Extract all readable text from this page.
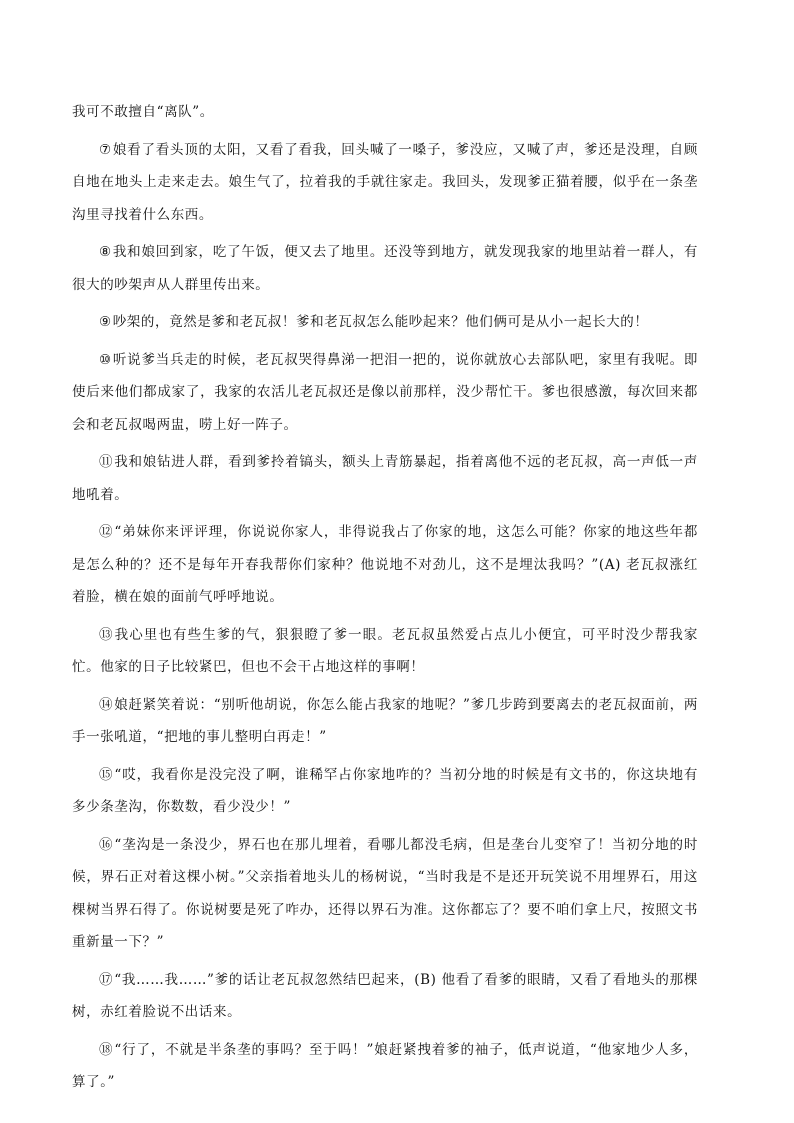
我可不敢擅自“离队”。

⑦娘看了看头顶的太阳，又看了看我，回头喊了一嗓子，爹没应，又喊了声，爹还是没理，自顾自地在地头上走来走去。娘生气了，拉着我的手就往家走。我回头，发现爹正猫着腰，似乎在一条垄沟里寻找着什么东西。

⑧我和娘回到家，吃了午饭，便又去了地里。还没等到地方，就发现我家的地里站着一群人，有很大的吵架声从人群里传出来。

⑨吵架的，竟然是爹和老瓦叔！爹和老瓦叔怎么能吵起来？他们俩可是从小一起长大的！

⑩听说爹当兵走的时候，老瓦叔哭得鼻涕一把泪一把的，说你就放心去部队吧，家里有我呢。即使后来他们都成家了，我家的农活儿老瓦叔还是像以前那样，没少帮忙干。爹也很感激，每次回来都会和老瓦叔喝两盅，唠上好一阵子。

⑪我和娘钻进人群，看到爹拎着镐头，额头上青筋暴起，指着离他不远的老瓦叔，高一声低一声地吼着。

⑫“弟妹你来评评理，你说说你家人，非得说我占了你家的地，这怎么可能？你家的地这些年都是怎么种的？还不是每年开春我帮你们家种？他说地不对劲儿，这不是埋汰我吗？”(A) 老瓦叔涨红着脸，横在娘的面前气呼呼地说。

⑬我心里也有些生爹的气，狠狠瞪了爹一眼。老瓦叔虽然爱占点儿小便宜，可平时没少帮我家忙。他家的日子比较紧巴，但也不会干占地这样的事啊！

⑭娘赶紧笑着说：“别听他胡说，你怎么能占我家的地呢？”爹几步跨到要离去的老瓦叔面前，两手一张吼道，“把地的事儿整明白再走！”

⑮“哎，我看你是没完没了啊，谁稀罕占你家地咋的？当初分地的时候是有文书的，你这块地有多少条垄沟，你数数，看少没少！”

⑯“垄沟是一条没少，界石也在那儿埋着，看哪儿都没毛病，但是垄台儿变窄了！当初分地的时候，界石正对着这棵小树。”父亲指着地头儿的杨树说，“当时我是不是还开玩笑说不用埋界石，用这棵树当界石得了。你说树要是死了咋办，还得以界石为准。这你都忘了？要不咱们拿上尺，按照文书重新量一下？”

⑰“我……我……”爹的话让老瓦叔忽然结巴起来，(B) 他看了看爹的眼睛，又看了看地头的那棵树，赤红着脸说不出话来。

⑱“行了，不就是半条垄的事吗？至于吗！”娘赶紧拽着爹的袖子，低声说道，“他家地少人多，算了。”
